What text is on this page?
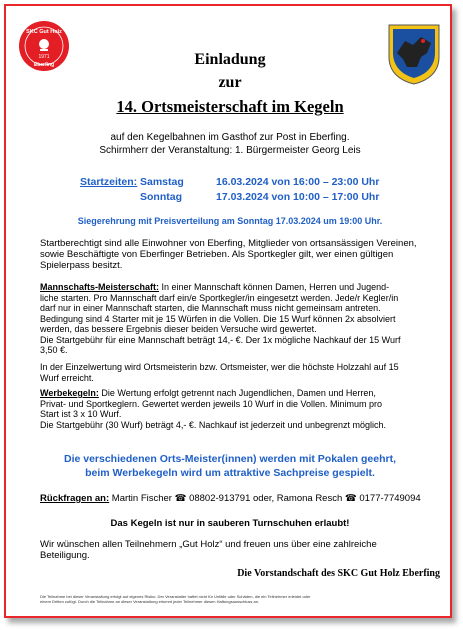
SKC Gut Holz
1971
Eberfing	Einladung
zur
14. Ortsmeisterschaft im Kegeln
auf den Kegelbahnen im Gasthof zur Post in Eberfing.
Schirmherr der Veranstaltung: 1. Bürgermeister Georg Leis
Startzeiten: Samstag	16.03.2024 von 16:00 – 23:00 Uhr
Sonntag	17.03.2024 von 10:00 – 17:00 Uhr
Siegerehrung mit Preisverteilung am Sonntag 17.03.2024 um 19:00 Uhr.
Startberechtigt sind alle Einwohner von Eberfing, Mitglieder von ortsansässigen Vereinen,
sowie Beschäftigte von Eberfinger Betrieben. Als Sportkegler gilt, wer einen gültigen
Spielerpass besitzt.
Mannschafts-Meisterschaft: In einer Mannschaft können Damen, Herren und Jugend-
liche starten. Pro Mannschaft darf ein/e Sportkegler/in eingesetzt werden. Jede/r Kegler/in
darf nur in einer Mannschaft starten, die Mannschaft muss nicht gemeinsam antreten.
Bedingung sind 4 Starter mit je 15 Würfen in die Vollen. Die 15 Wurf können 2x absolviert
werden, das bessere Ergebnis dieser beiden Versuche wird gewertet.
Die Startgebühr für eine Mannschaft beträgt 14,- €. Der 1x mögliche Nachkauf der 15 Wurf
3,50 €.
In der Einzelwertung wird Ortsmeisterin bzw. Ortsmeister, wer die höchste Holzzahl auf 15
Wurf erreicht.
Werbekegeln: Die Wertung erfolgt getrennt nach Jugendlichen, Damen und Herren,
Privat- und Sportkeglern. Gewertet werden jeweils 10 Wurf in die Vollen. Minimum pro
Start ist 3 x 10 Wurf.
Die Startgebühr (30 Wurf) beträgt 4,- €. Nachkauf ist jederzeit und unbegrenzt möglich.
Die verschiedenen Orts-Meister(innen) werden mit Pokalen geehrt,
beim Werbekegeln wird um attraktive Sachpreise gespielt.
Rückfragen an: Martin Fischer ☎ 08802-913791 oder, Ramona Resch ☎ 0177-7749094
Das Kegeln ist nur in sauberen Turnschuhen erlaubt!
Wir wünschen allen Teilnehmern „Gut Holz“ und freuen uns über eine zahlreiche
Beteiligung.
Die Vorstandschaft des SKC Gut Holz Eberfing
Die Teilnahme bei dieser Veranstaltung erfolgt auf eigenes Risiko. Der Veranstalter haftet nicht für Unfälle oder Schäden, die ein Teilnehmer erleidet oder
einem Dritten zufügt. Durch die Teilnahme an dieser Veranstaltung erkennt jeder Teilnehmer diesen Haftungsausschluss an.
